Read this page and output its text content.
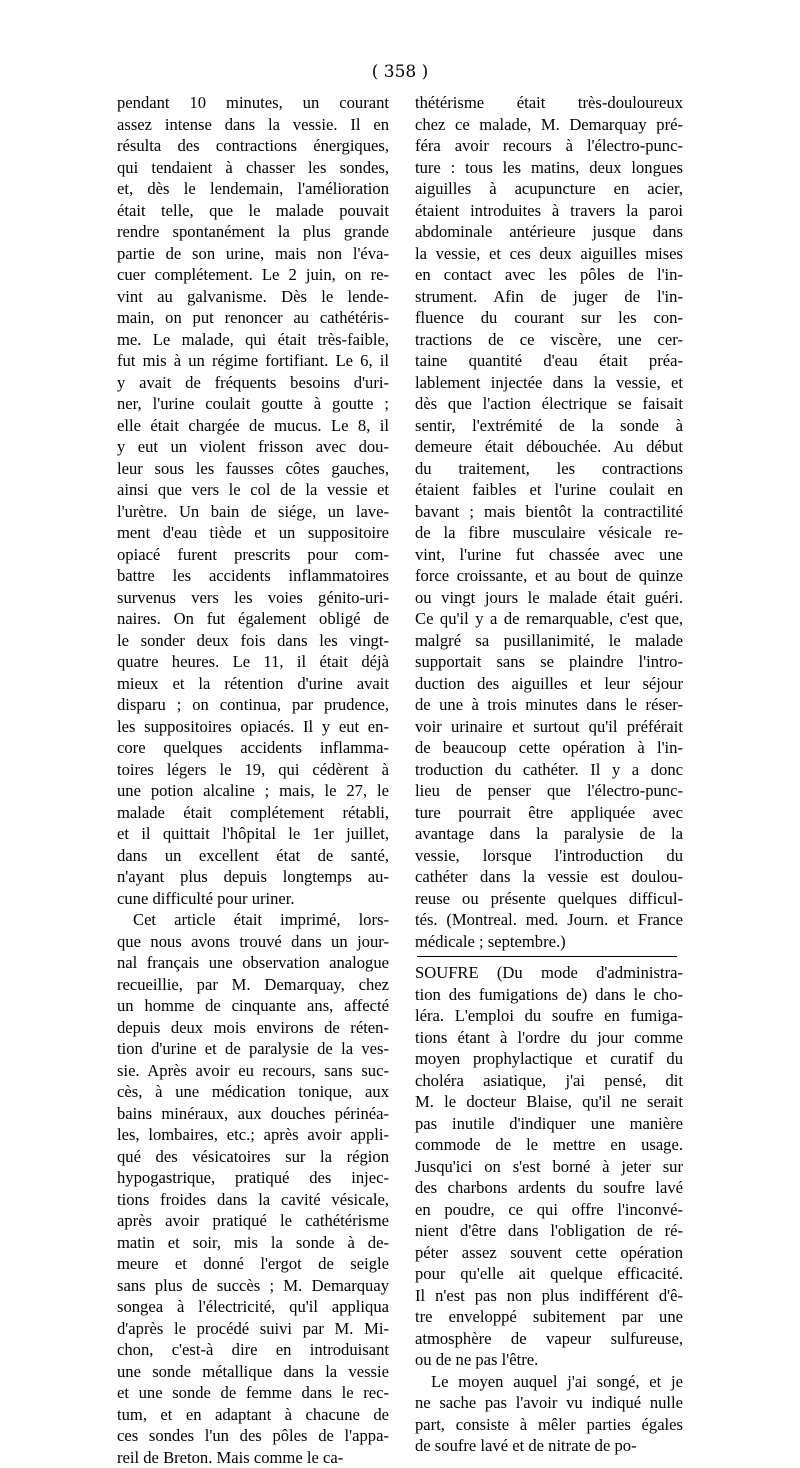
( 358 )
pendant 10 minutes, un courant
assez intense dans la vessie. Il en
résulta des contractions énergiques,
qui tendaient à chasser les sondes,
et, dès le lendemain, l'amélioration
était telle, que le malade pouvait
rendre spontanément la plus grande
partie de son urine, mais non l'éva-
cuer complétement. Le 2 juin, on re-
vint au galvanisme. Dès le lende-
main, on put renoncer au cathétéris-
me. Le malade, qui était très-faible,
fut mis à un régime fortifiant. Le 6, il
y avait de fréquents besoins d'uri-
ner, l'urine coulait goutte à goutte ;
elle était chargée de mucus. Le 8, il
y eut un violent frisson avec dou-
leur sous les fausses côtes gauches,
ainsi que vers le col de la vessie et
l'urètre. Un bain de siége, un lave-
ment d'eau tiède et un suppositoire
opiacé furent prescrits pour com-
battre les accidents inflammatoires
survenus vers les voies génito-uri-
naires. On fut également obligé de
le sonder deux fois dans les vingt-
quatre heures. Le 11, il était déjà
mieux et la rétention d'urine avait
disparu ; on continua, par prudence,
les suppositoires opiacés. Il y eut en-
core quelques accidents inflamma-
toires légers le 19, qui cédèrent à
une potion alcaline ; mais, le 27, le
malade était complétement rétabli,
et il quittait l'hôpital le 1er juillet,
dans un excellent état de santé,
n'ayant plus depuis longtemps au-
cune difficulté pour uriner.
Cet article était imprimé, lors-
que nous avons trouvé dans un jour-
nal français une observation analogue
recueillie, par M. Demarquay, chez
un homme de cinquante ans, affecté
depuis deux mois environs de réten-
tion d'urine et de paralysie de la ves-
sie. Après avoir eu recours, sans suc-
cès, à une médication tonique, aux
bains minéraux, aux douches périnéa-
les, lombaires, etc.; après avoir appli-
qué des vésicatoires sur la région
hypogastrique, pratiqué des injec-
tions froides dans la cavité vésicale,
après avoir pratiqué le cathétérisme
matin et soir, mis la sonde à de-
meure et donné l'ergot de seigle
sans plus de succès ; M. Demarquay
songea à l'électricité, qu'il appliqua
d'après le procédé suivi par M. Mi-
chon, c'est-à dire en introduisant
une sonde métallique dans la vessie
et une sonde de femme dans le rec-
tum, et en adaptant à chacune de
ces sondes l'un des pôles de l'appa-
reil de Breton. Mais comme le ca-
thétérisme était très-douloureux
chez ce malade, M. Demarquay pré-
féra avoir recours à l'électro-punc-
ture : tous les matins, deux longues
aiguilles à acupuncture en acier,
étaient introduites à travers la paroi
abdominale antérieure jusque dans
la vessie, et ces deux aiguilles mises
en contact avec les pôles de l'in-
strument. Afin de juger de l'in-
fluence du courant sur les con-
tractions de ce viscère, une cer-
taine quantité d'eau était préa-
lablement injectée dans la vessie, et
dès que l'action électrique se faisait
sentir, l'extrémité de la sonde à
demeure était débouchée. Au début
du traitement, les contractions
étaient faibles et l'urine coulait en
bavant ; mais bientôt la contractilité
de la fibre musculaire vésicale re-
vint, l'urine fut chassée avec une
force croissante, et au bout de quinze
ou vingt jours le malade était guéri.
Ce qu'il y a de remarquable, c'est que,
malgré sa pusillanimité, le malade
supportait sans se plaindre l'intro-
duction des aiguilles et leur séjour
de une à trois minutes dans le réser-
voir urinaire et surtout qu'il préférait
de beaucoup cette opération à l'in-
troduction du cathéter. Il y a donc
lieu de penser que l'électro-punc-
ture pourrait être appliquée avec
avantage dans la paralysie de la
vessie, lorsque l'introduction du
cathéter dans la vessie est doulou-
reuse ou présente quelques difficul-
tés. (Montreal. med. Journ. et France
médicale ; septembre.)
SOUFRE (Du mode d'administra-
tion des fumigations de) dans le cho-
léra. L'emploi du soufre en fumiga-
tions étant à l'ordre du jour comme
moyen prophylactique et curatif du
choléra asiatique, j'ai pensé, dit
M. le docteur Blaise, qu'il ne serait
pas inutile d'indiquer une manière
commode de le mettre en usage.
Jusqu'ici on s'est borné à jeter sur
des charbons ardents du soufre lavé
en poudre, ce qui offre l'inconvé-
nient d'être dans l'obligation de ré-
péter assez souvent cette opération
pour qu'elle ait quelque efficacité.
Il n'est pas non plus indifférent d'ê-
tre enveloppé subitement par une
atmosphère de vapeur sulfureuse,
ou de ne pas l'être.
Le moyen auquel j'ai songé, et je
ne sache pas l'avoir vu indiqué nulle
part, consiste à mêler parties égales
de soufre lavé et de nitrate de po-
